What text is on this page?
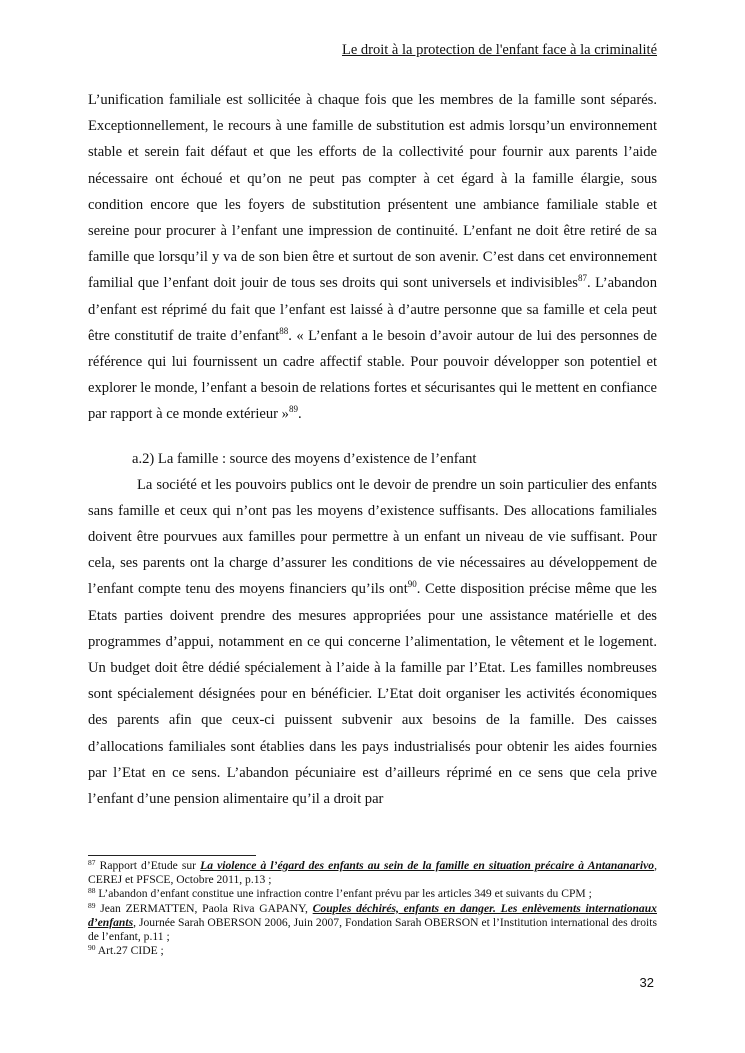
Le droit à la protection de l'enfant face à la criminalité

L’unification familiale est sollicitée à chaque fois que les membres de la famille sont séparés. Exceptionnellement, le recours à une famille de substitution est admis lorsqu’un environnement stable et serein fait défaut et que les efforts de la collectivité pour fournir aux parents l’aide nécessaire ont échoué et qu’on ne peut pas compter à cet égard à la famille élargie, sous condition encore que les foyers de substitution présentent une ambiance familiale stable et sereine pour procurer à l’enfant une impression de continuité. L’enfant ne doit être retiré de sa famille que lorsqu’il y va de son bien être et surtout de son avenir. C’est dans cet environnement familial que l’enfant doit jouir de tous ses droits qui sont universels et indivisibles$^{87}$. L’abandon d’enfant est réprimé du fait que l’enfant est laissé à d’autre personne que sa famille et cela peut être constitutif de traite d’enfant$^{88}$. « L’enfant a le besoin d’avoir autour de lui des personnes de référence qui lui fournissent un cadre affectif stable. Pour pouvoir développer son potentiel et explorer le monde, l’enfant a besoin de relations fortes et sécurisantes qui le mettent en confiance par rapport à ce monde extérieur »$^{89}$.

a.2) La famille : source des moyens d’existence de l’enfant

La société et les pouvoirs publics ont le devoir de prendre un soin particulier des enfants sans famille et ceux qui n’ont pas les moyens d’existence suffisants. Des allocations familiales doivent être pourvues aux familles pour permettre à un enfant un niveau de vie suffisant. Pour cela, ses parents ont la charge d’assurer les conditions de vie nécessaires au développement de l’enfant compte tenu des moyens financiers qu’ils ont$^{90}$. Cette disposition précise même que les Etats parties doivent prendre des mesures appropriées pour une assistance matérielle et des programmes d’appui, notamment en ce qui concerne l’alimentation, le vêtement et le logement. Un budget doit être dédié spécialement à l’aide à la famille par l’Etat. Les familles nombreuses sont spécialement désignées pour en bénéficier. L’Etat doit organiser les activités économiques des parents afin que ceux-ci puissent subvenir aux besoins de la famille. Des caisses d’allocations familiales sont établies dans les pays industrialisés pour obtenir les aides fournies par l’Etat en ce sens. L’abandon pécuniaire est d’ailleurs réprimé en ce sens que cela prive l’enfant d’une pension alimentaire qu’il a droit par

$^{87}$ Rapport d’Etude sur La violence à l’égard des enfants au sein de la famille en situation précaire à Antananarivo, CEREJ et PFSCE, Octobre 2011, p.13 ;

$^{88}$ L’abandon d’enfant constitue une infraction contre l’enfant prévu par les articles 349 et suivants du CPM ;

$^{89}$ Jean ZERMATTEN, Paola Riva GAPANY, Couples déchirés, enfants en danger. Les enlèvements internationaux d’enfants, Journée Sarah OBERSON 2006, Juin 2007, Fondation Sarah OBERSON et l’Institution international des droits de l’enfant, p.11 ;

$^{90}$ Art.27 CIDE ;

32
